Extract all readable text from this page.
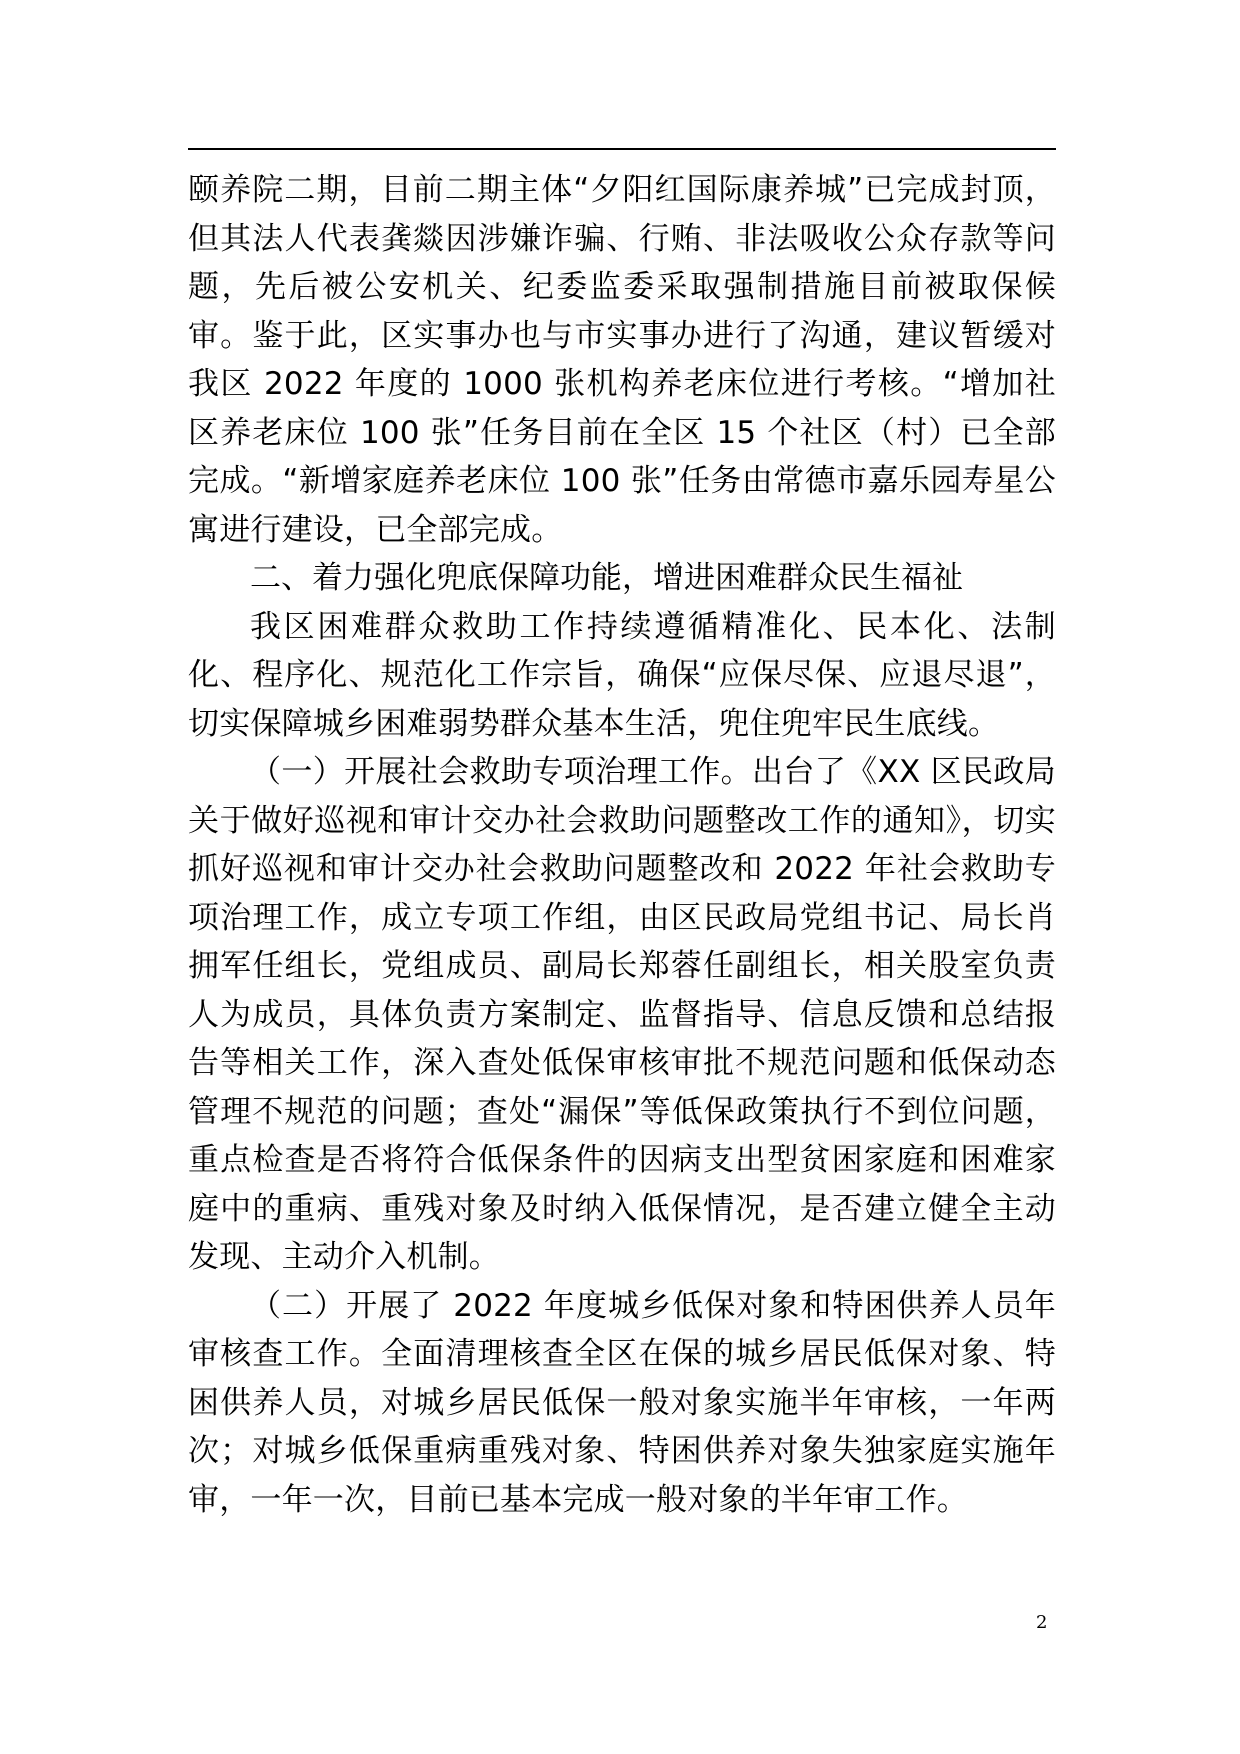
颐养院二期，目前二期主体“夕阳红国际康养城”已完成封顶，但其法人代表龚燚因涉嫌诈骗、行贿、非法吸收公众存款等问题，先后被公安机关、纪委监委采取强制措施目前被取保候审。鉴于此，区实事办也与市实事办进行了沟通，建议暂缓对我区 2022 年度的 1000 张机构养老床位进行考核。“增加社区养老床位 100 张”任务目前在全区 15 个社区（村）已全部完成。“新增家庭养老床位 100 张”任务由常德市嘉乐园寿星公寓进行建设，已全部完成。

二、着力强化兜底保障功能，增进困难群众民生福祉

我区困难群众救助工作持续遵循精准化、民本化、法制化、程序化、规范化工作宗旨，确保“应保尽保、应退尽退”，切实保障城乡困难弱势群众基本生活，兜住兜牢民生底线。

（一）开展社会救助专项治理工作。出台了《XX 区民政局关于做好巡视和审计交办社会救助问题整改工作的通知》，切实抓好巡视和审计交办社会救助问题整改和 2022 年社会救助专项治理工作，成立专项工作组，由区民政局党组书记、局长肖拥军任组长，党组成员、副局长郑蓉任副组长，相关股室负责人为成员，具体负责方案制定、监督指导、信息反馈和总结报告等相关工作，深入查处低保审核审批不规范问题和低保动态管理不规范的问题；查处“漏保”等低保政策执行不到位问题，重点检查是否将符合低保条件的因病支出型贫困家庭和困难家庭中的重病、重残对象及时纳入低保情况，是否建立健全主动发现、主动介入机制。

（二）开展了 2022 年度城乡低保对象和特困供养人员年审核查工作。全面清理核查全区在保的城乡居民低保对象、特困供养人员，对城乡居民低保一般对象实施半年审核，一年两次；对城乡低保重病重残对象、特困供养对象失独家庭实施年审，一年一次，目前已基本完成一般对象的半年审工作。

2
